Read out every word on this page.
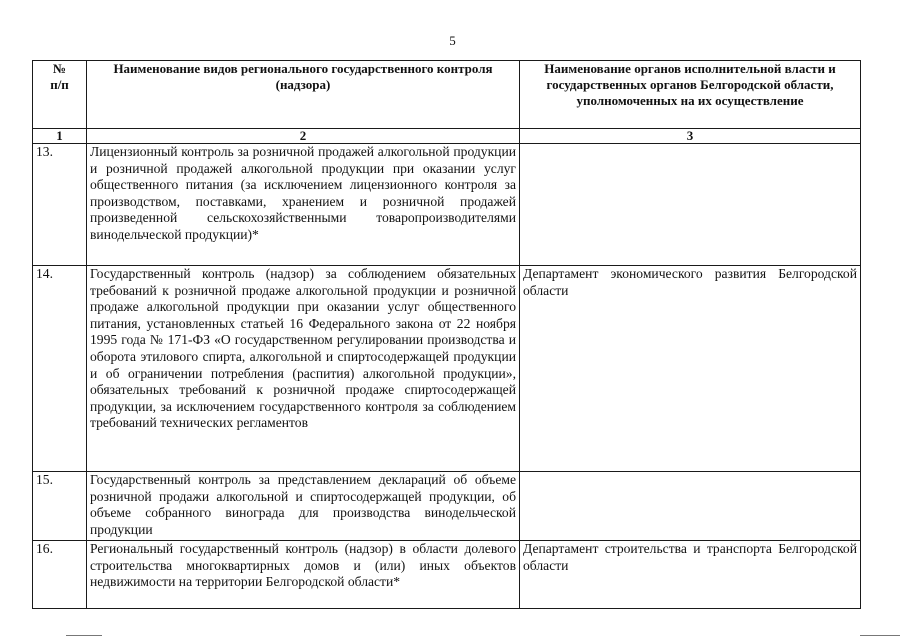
5
№
п/п	Наименование видов регионального государственного контроля (надзора)	Наименование органов исполнительной власти и государственных органов Белгородской области, уполномоченных на их осуществление
1	2	3
13.	Лицензионный контроль за розничной продажей алкогольной продукции и розничной продажей алкогольной продукции при оказании услуг общественного питания (за исключением лицензионного контроля за производством, поставками, хранением и розничной продажей произведенной сельскохозяйственными товаропроизводителями винодельческой продукции)*	
14.	Государственный контроль (надзор) за соблюдением обязательных требований к розничной продаже алкогольной продукции и розничной продаже алкогольной продукции при оказании услуг общественного питания, установленных статьей 16 Федерального закона от 22 ноября 1995 года № 171-ФЗ «О государственном регулировании производства и оборота этилового спирта, алкогольной и спиртосодержащей продукции и об ограничении потребления (распития) алкогольной продукции», обязательных требований к розничной продаже спиртосодержащей продукции, за исключением государственного контроля за соблюдением требований технических регламентов	Департамент экономического развития Белгородской области

15.	Государственный контроль за представлением деклараций об объеме розничной продажи алкогольной и спиртосодержащей продукции, об объеме собранного винограда для производства винодельческой продукции	
16.	Региональный государственный контроль (надзор) в области долевого строительства многоквартирных домов и (или) иных объектов недвижимости на территории Белгородской области*	Департамент строительства и транспорта Белгородской области
